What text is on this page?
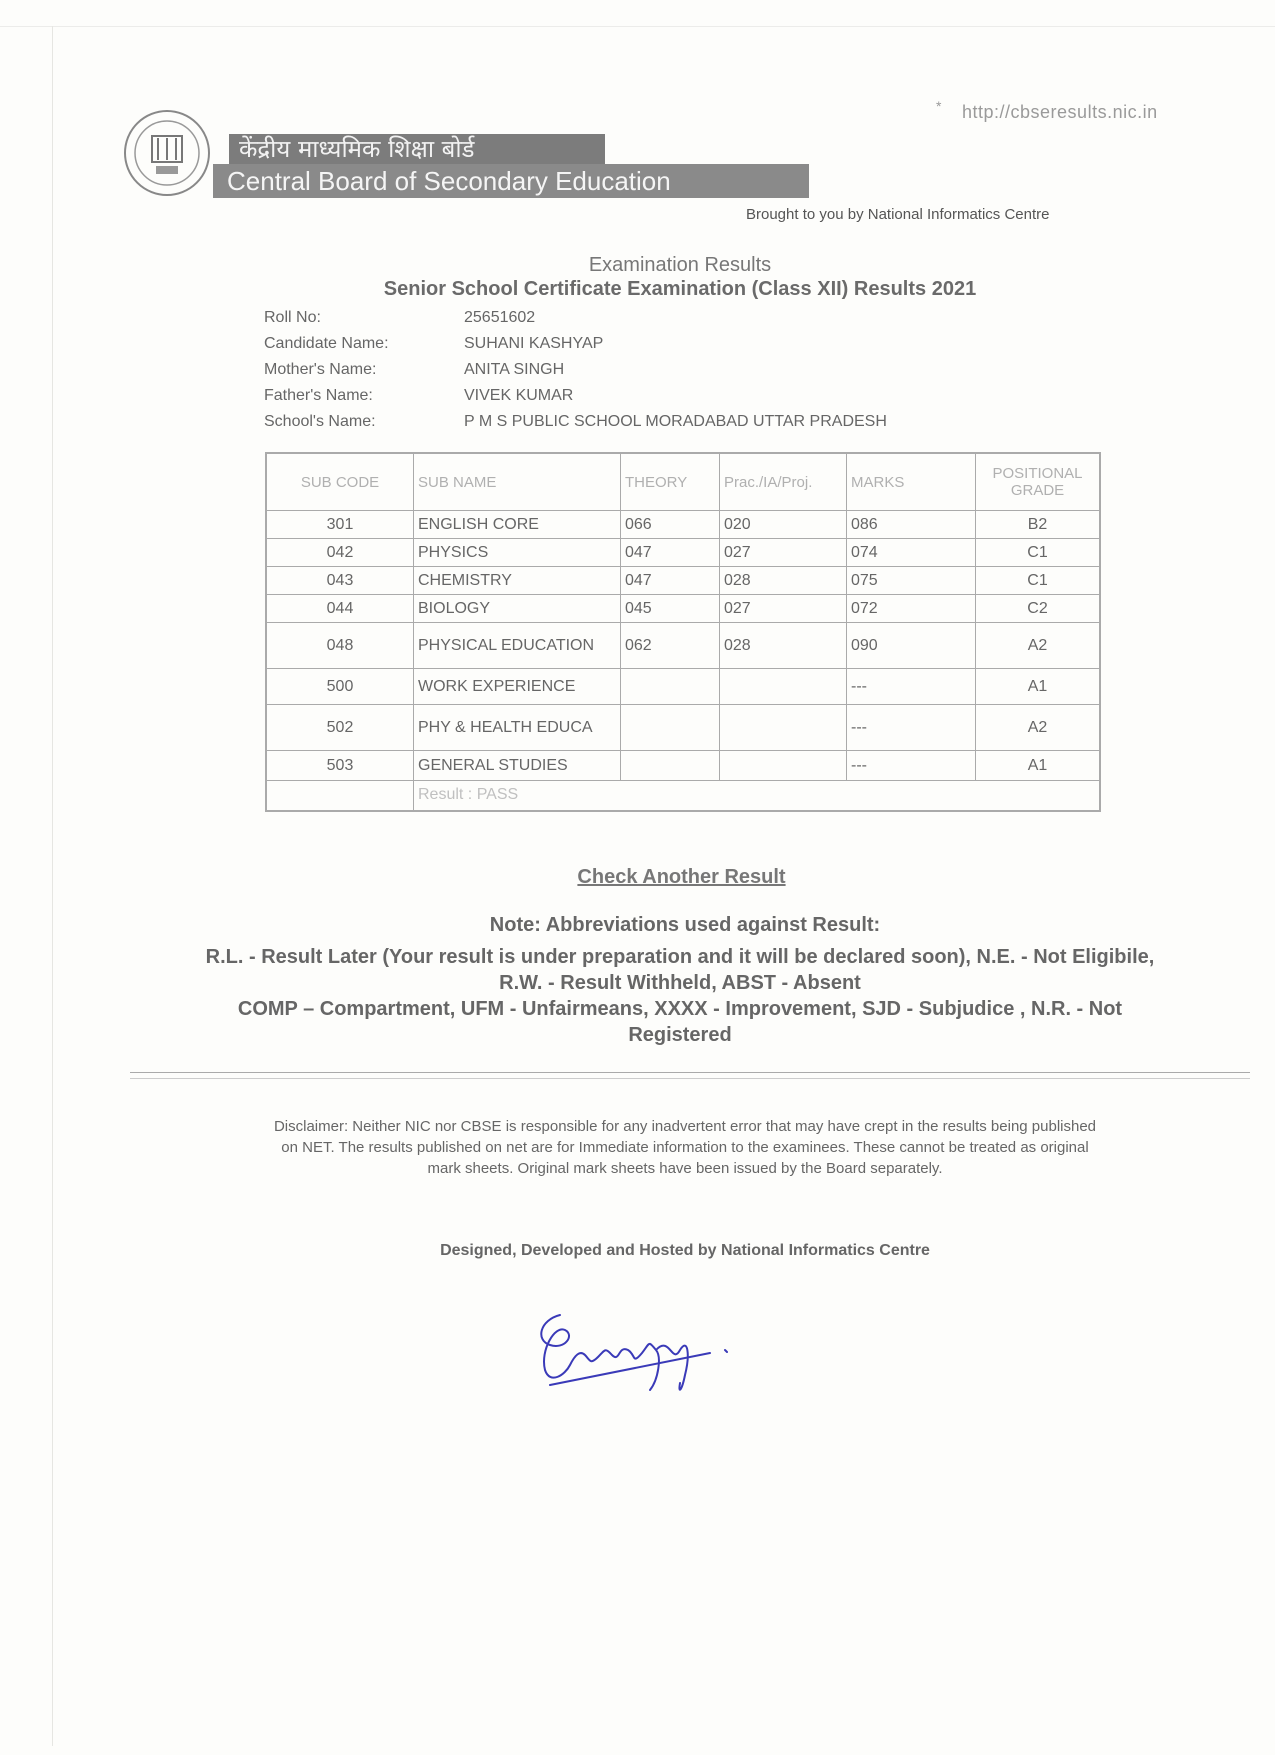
* http://cbseresults.nic.in
केंद्रीय माध्यमिक शिक्षा बोर्ड
Central Board of Secondary Education
Brought to you by National Informatics Centre
Examination Results
Senior School Certificate Examination (Class XII) Results 2021
Roll No:	25651602
Candidate Name:	SUHANI KASHYAP
Mother's Name:	ANITA SINGH
Father's Name:	VIVEK KUMAR
School's Name:	P M S PUBLIC SCHOOL MORADABAD UTTAR PRADESH
SUB CODE	SUB NAME	THEORY	Prac./IA/Proj.	MARKS	POSITIONAL GRADE
301	ENGLISH CORE	066	020	086	B2
042	PHYSICS	047	027	074	C1
043	CHEMISTRY	047	028	075	C1
044	BIOLOGY	045	027	072	C2
048	PHYSICAL EDUCATION	062	028	090	A2
500	WORK EXPERIENCE			---	A1
502	PHY & HEALTH EDUCA			---	A2
503	GENERAL STUDIES			---	A1
	Result : PASS				
Check Another Result
Note: Abbreviations used against Result:
R.L. - Result Later (Your result is under preparation and it will be declared soon), N.E. - Not Eligibile,
R.W. - Result Withheld, ABST - Absent
COMP – Compartment, UFM - Unfairmeans, XXXX - Improvement, SJD - Subjudice , N.R. - Not
Registered
Disclaimer: Neither NIC nor CBSE is responsible for any inadvertent error that may have crept in the results being published on NET. The results published on net are for Immediate information to the examinees. These cannot be treated as original mark sheets. Original mark sheets have been issued by the Board separately.
Designed, Developed and Hosted by National Informatics Centre
